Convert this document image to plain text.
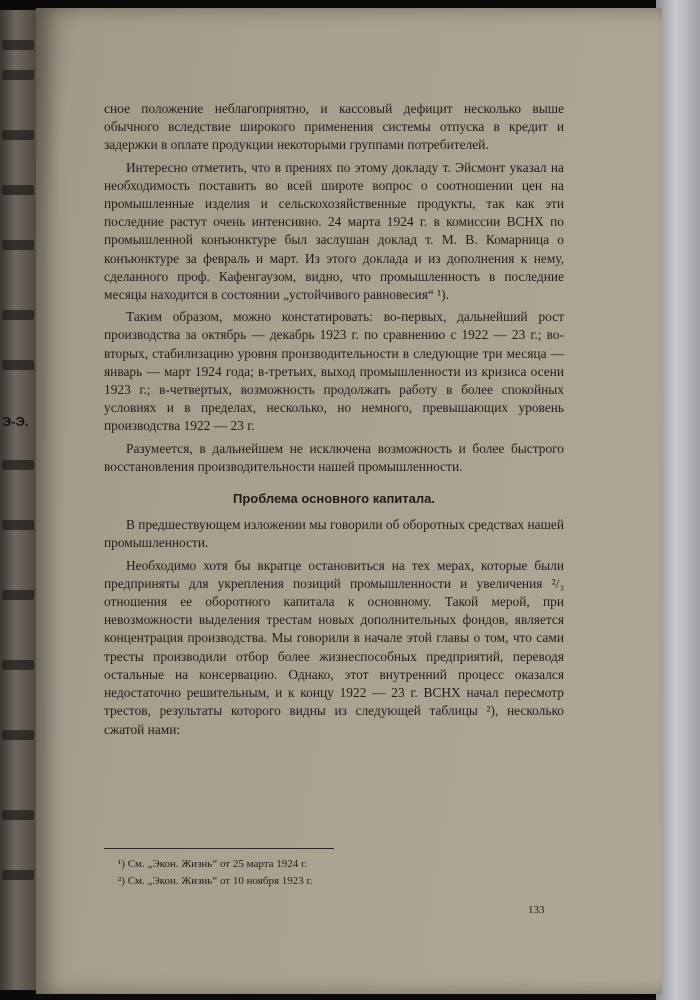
Э-Э.

сное положение неблагоприятно, и кассовый дефицит несколько выше обычного вследствие широкого применения системы отпуска в кредит и задержки в оплате продукции некоторыми группами потребителей.

Интересно отметить, что в прениях по этому докладу т. Эйсмонт указал на необходимость поставить во всей широте вопрос о соотношении цен на промышленные изделия и сельскохозяйственные продукты, так как эти последние растут очень интенсивно. 24 марта 1924 г. в комиссии ВСНХ по промышленной конъюнктуре был заслушан доклад т. М. В. Комарница о конъюнктуре за февраль и март. Из этого доклада и из дополнения к нему, сделанного проф. Кафенгаузом, видно, что промышленность в последние месяцы находится в состоянии „устойчивого равновесия“ ¹).

Таким образом, можно констатировать: во-первых, дальнейший рост производства за октябрь — декабрь 1923 г. по сравнению с 1922 — 23 г.; во-вторых, стабилизацию уровня производительности в следующие три месяца — январь — март 1924 года; в-третьих, выход промышленности из кризиса осени 1923 г.; в-четвертых, возможность продолжать работу в более спокойных условиях и в пределах, несколько, но немного, превышающих уровень производства 1922 — 23 г.

Разумеется, в дальнейшем не исключена возможность и более быстрого восстановления производительности нашей промышленности.

Проблема основного капитала.

В предшествующем изложении мы говорили об оборотных средствах нашей промышленности.

Необходимо хотя бы вкратце остановиться на тех мерах, которые были предприняты для укрепления позиций промышленности и увеличения ²/₃ отношения ее оборотного капитала к основному. Такой мерой, при невозможности выделения трестам новых дополнительных фондов, является концентрация производства. Мы говорили в начале этой главы о том, что сами тресты производили отбор более жизнеспособных предприятий, переводя остальные на консервацию. Однако, этот внутренний процесс оказался недостаточно решительным, и к концу 1922 — 23 г. ВСНХ начал пересмотр трестов, результаты которого видны из следующей таблицы ²), несколько сжатой нами:

¹) См. „Экон. Жизнь“ от 25 марта 1924 г.
²) См. „Экон. Жизнь“ от 10 ноября 1923 г.
133
